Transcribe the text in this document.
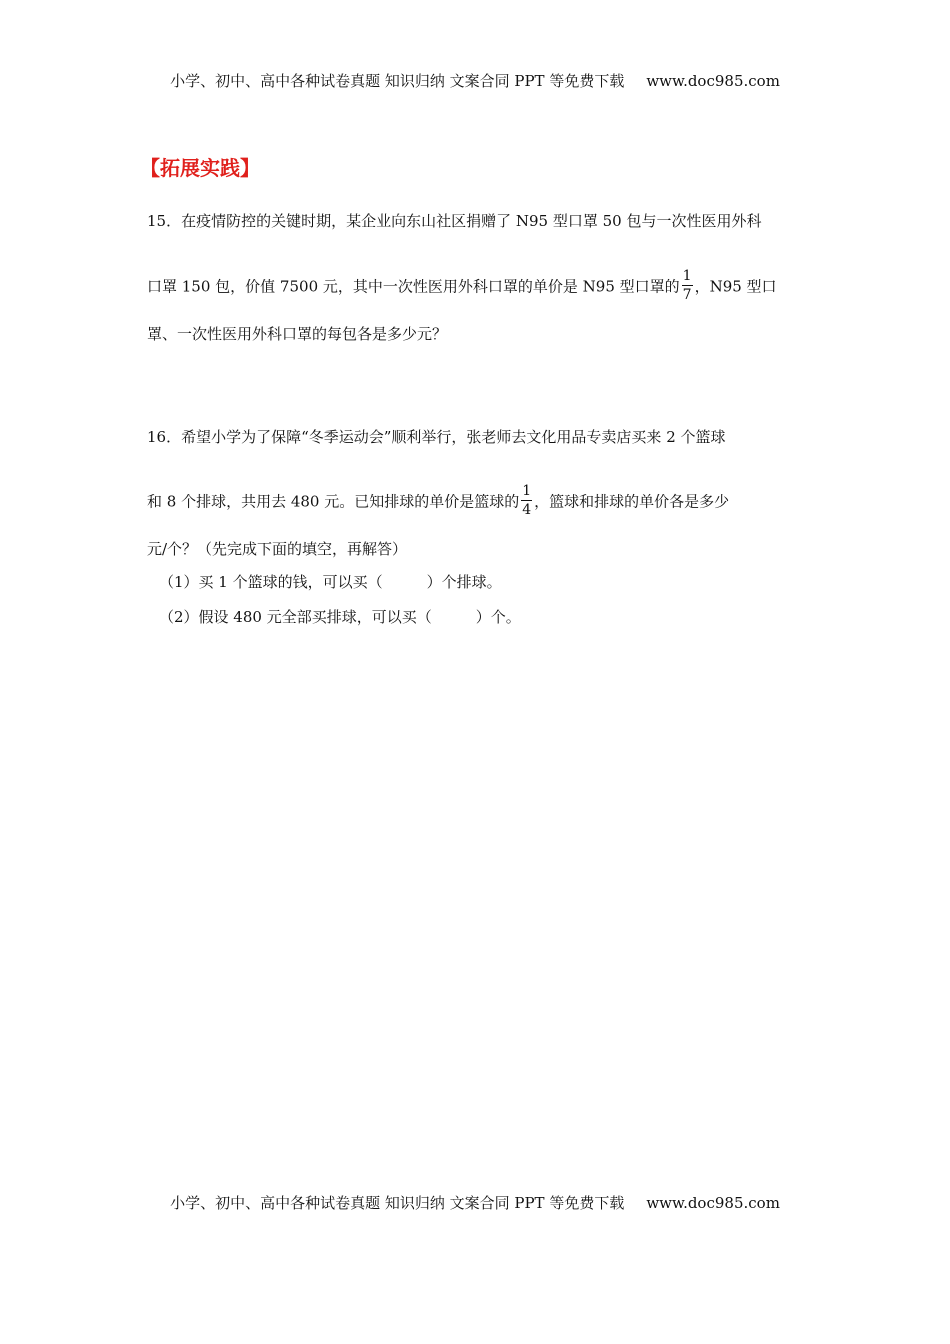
小学、初中、高中各种试卷真题 知识归纳 文案合同 PPT 等免费下载 www.doc985.com
【拓展实践】
15．在疫情防控的关键时期，某企业向东山社区捐赠了 N95 型口罩 50 包与一次性医用外科
口罩 150 包，价值 7500 元，其中一次性医用外科口罩的单价是 N95 型口罩的 $\frac{1}{7}$ ，N95 型口
罩、一次性医用外科口罩的每包各是多少元？
16．希望小学为了保障“冬季运动会”顺利举行，张老师去文化用品专卖店买来 2 个篮球
和 8 个排球，共用去 480 元。已知排球的单价是篮球的 $\frac{1}{4}$ ，篮球和排球的单价各是多少
元/个？（先完成下面的填空，再解答）
（1）买 1 个篮球的钱，可以买（	）个排球。
（2）假设 480 元全部买排球，可以买（	）个。
小学、初中、高中各种试卷真题 知识归纳 文案合同 PPT 等免费下载 www.doc985.com
